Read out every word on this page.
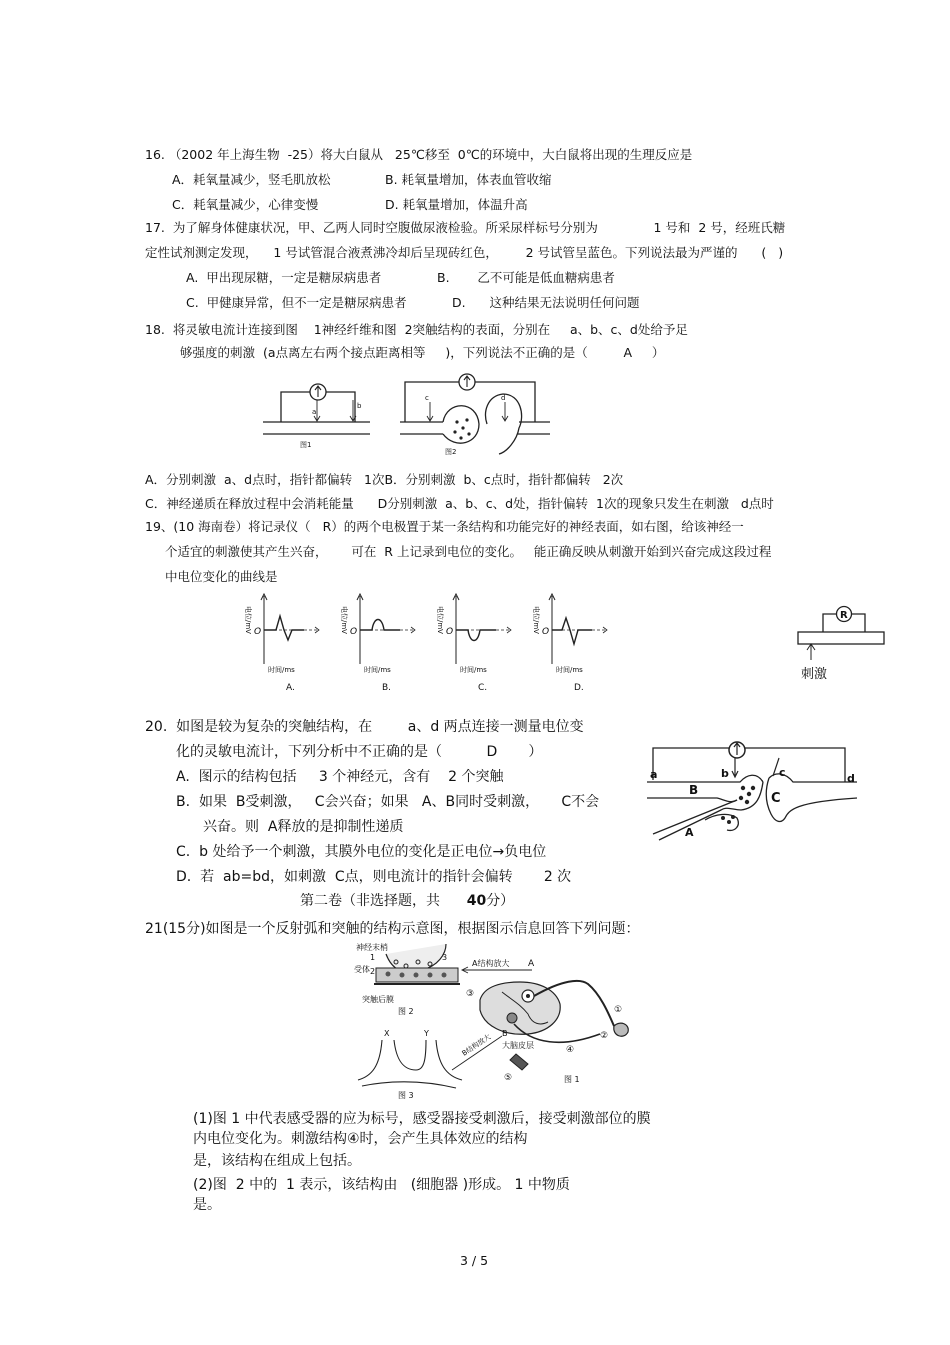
16. （2002 年上海生物  -25）将大白鼠从   25℃移至  0℃的环境中，大白鼠将出现的生理反应是
A．耗氧量减少，竖毛肌放松	B. 耗氧量增加，体表血管收缩
C．耗氧量减少，心律变慢	D. 耗氧量增加，体温升高
17.  为了解身体健康状况，甲、乙两人同时空腹做尿液检验。所采尿样标号分别为              1 号和  2 号，经班氏糖
定性试剂测定发现，    1 号试管混合液煮沸冷却后呈现砖红色，       2 号试管呈蓝色。下列说法最为严谨的      (   )
A.  甲出现尿糖，一定是糖尿病患者	B.       乙不可能是低血糖病患者
C.  甲健康异常，但不一定是糖尿病患者	D.      这种结果无法说明任何问题
18.  将灵敏电流计连接到图    1神经纤维和图  2突触结构的表面，分别在     a、b、c、d处给予足
够强度的刺激  (a点离左右两个接点距离相等     )，下列说法不正确的是（         A     ）
a
b
图1
c	d
图2
A．分别刺激  a、d点时，指针都偏转   1次B．分别刺激  b、c点时，指针都偏转   2次
C．神经递质在释放过程中会消耗能量      D分别刺激  a、b、c、d处，指针偏转  1次的现象只发生在刺激   d点时
19、(10 海南卷）将记录仪（   R）的两个电极置于某一条结构和功能完好的神经表面，如右图，给该神经一
个适宜的刺激使其产生兴奋，      可在  R 上记录到电位的变化。   能正确反映从刺激开始到兴奋完成这段过程
中电位变化的曲线是
电位/mV O
时间/ms
A.
电位/mV O
时间/ms
B.
电位/mV O
时间/ms
C.
电位/mV O
时间/ms
D.
R
刺激
20.  如图是较为复杂的突触结构，在        a、d 两点连接一测量电位变
化的灵敏电流计，下列分析中不正确的是（          D       ）
A.  图示的结构包括     3 个神经元，含有    2 个突触
B.  如果  B受刺激，   C会兴奋；如果   A、B同时受刺激，     C不会
兴奋。则  A释放的是抑制性递质
C.  b 处给予一个刺激，其膜外电位的变化是正电位→负电位
D.  若  ab=bd，如刺激  C点，则电流计的指针会偏转       2 次
a	b	c	d
B
C
A
第二卷（非选择题，共      40分）
21(15分)如图是一个反射弧和突触的结构示意图，根据图示信息回答下列问题：
神经末梢
1
2
3
受体
突触后膜
图 2
A结构放大 A
①
②
③
④
大脑皮层
⑤	图 1
B结构放大 B
X	Y
图 3
(1)图 1 中代表感受器的应为标号，感受器接受刺激后，接受刺激部位的膜
内电位变化为。刺激结构④时，会产生具体效应的结构
是，该结构在组成上包括。
(2)图  2 中的  1 表示，该结构由   (细胞器 )形成。 1 中物质
是。
3 / 5
